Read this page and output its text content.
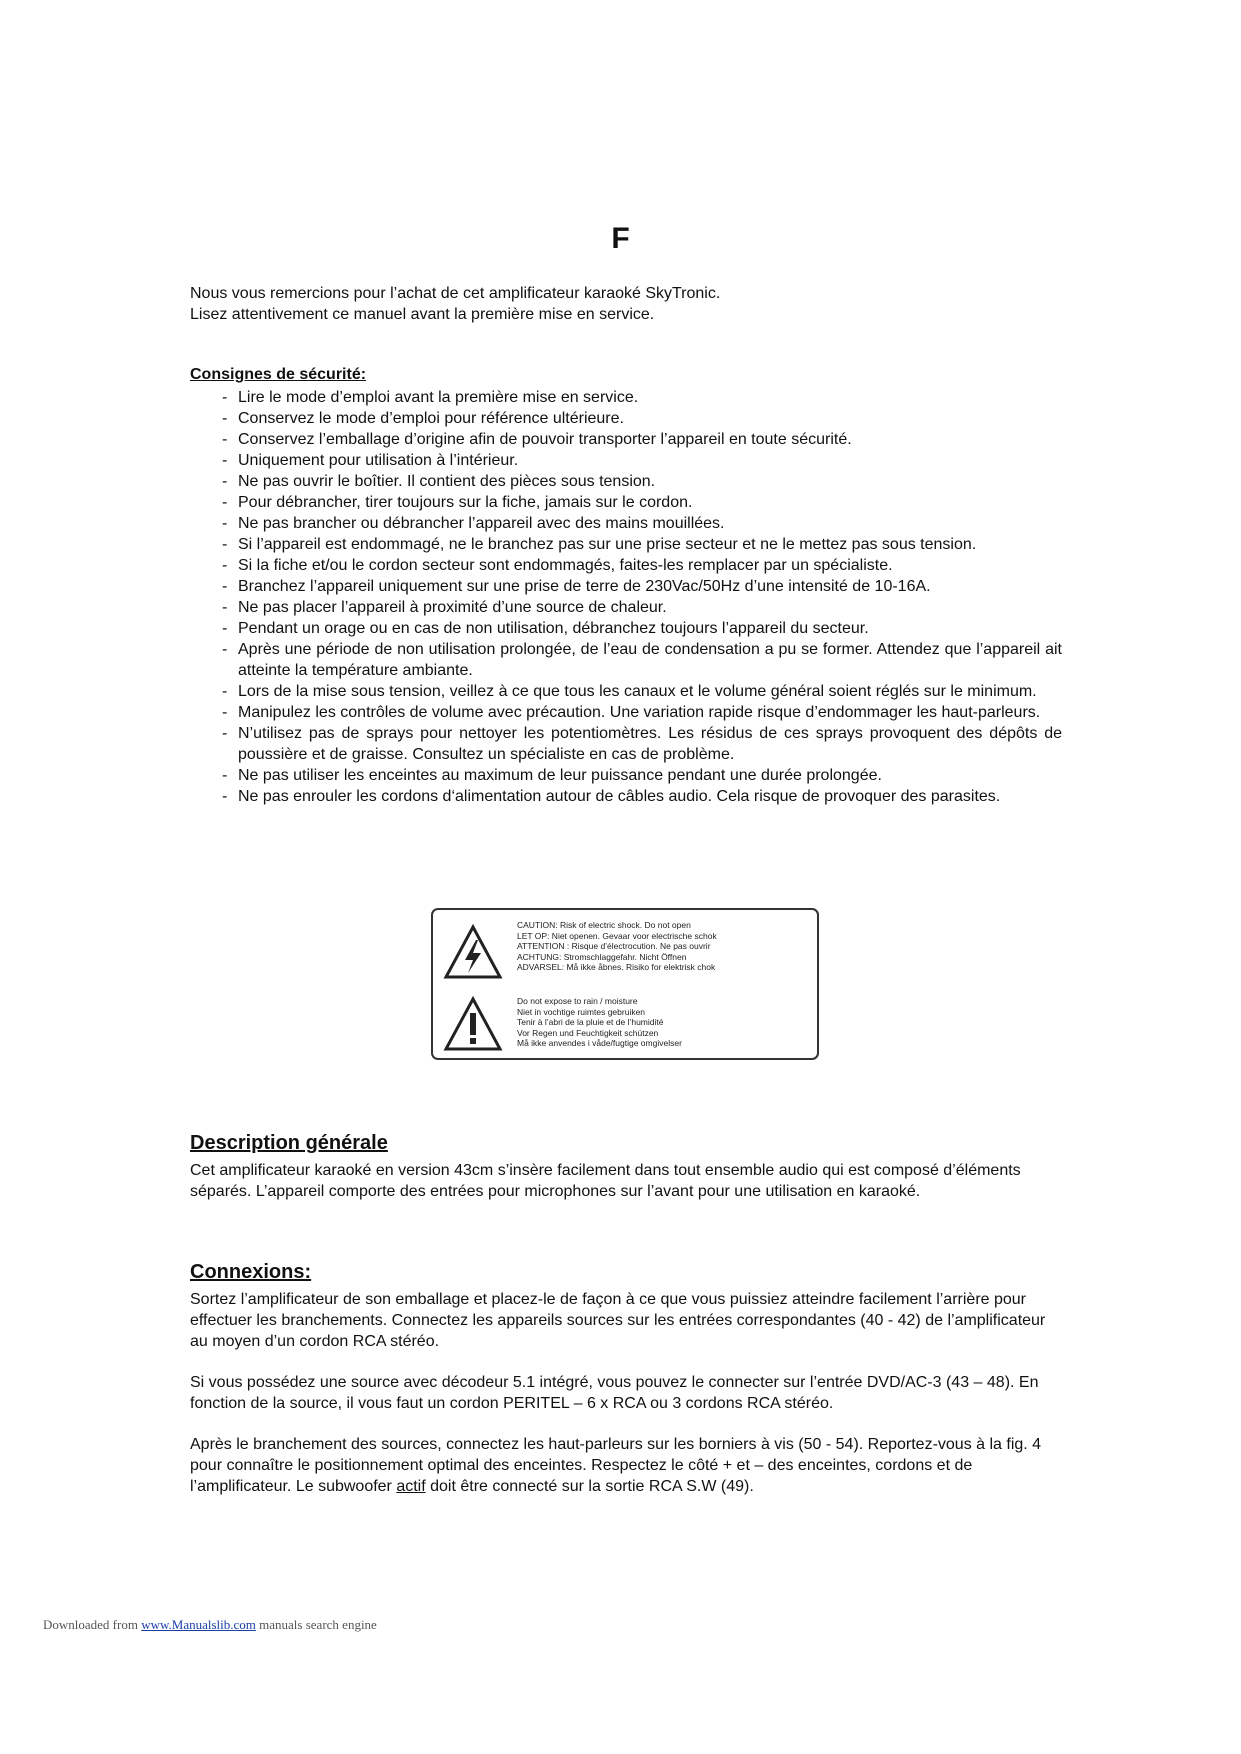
F

Nous vous remercions pour l’achat de cet amplificateur karaoké SkyTronic.

Lisez attentivement ce manuel avant la première mise en service.

Consignes de sécurité:
- Lire le mode d’emploi avant la première mise en service.
- Conservez le mode d’emploi pour référence ultérieure.
- Conservez l’emballage d’origine afin de pouvoir transporter l’appareil en toute sécurité.
- Uniquement pour utilisation à l’intérieur.
- Ne pas ouvrir le boîtier. Il contient des pièces sous tension.
- Pour débrancher, tirer toujours sur la fiche, jamais sur le cordon.
- Ne pas brancher ou débrancher l’appareil avec des mains mouillées.
- Si l’appareil est endommagé, ne le branchez pas sur une prise secteur et ne le mettez pas sous tension.
- Si la fiche et/ou le cordon secteur sont endommagés, faites-les remplacer par un spécialiste.
- Branchez l’appareil uniquement sur une prise de terre de 230Vac/50Hz d’une intensité de 10-16A.
- Ne pas placer l’appareil à proximité d’une source de chaleur.
- Pendant un orage ou en cas de non utilisation, débranchez toujours l’appareil du secteur.
- Après une période de non utilisation prolongée, de l’eau de condensation a pu se former. Attendez que l’appareil ait atteinte la température ambiante.
- Lors de la mise sous tension, veillez à ce que tous les canaux et le volume général soient réglés sur le minimum.
- Manipulez les contrôles de volume avec précaution. Une variation rapide risque d’endommager les haut-parleurs.
- N’utilisez pas de sprays pour nettoyer les potentiomètres. Les résidus de ces sprays provoquent des dépôts de poussière et de graisse. Consultez un spécialiste en cas de problème.
- Ne pas utiliser les enceintes au maximum de leur puissance pendant une durée prolongée.
- Ne pas enrouler les cordons d‘alimentation autour de câbles audio. Cela risque de provoquer des parasites.
CAUTION: Risk of electric shock. Do not open
LET OP: Niet openen. Gevaar voor electrische schok
ATTENTION : Risque d’électrocution. Ne pas ouvrir
ACHTUNG: Stromschlaggefahr. Nicht Öffnen
ADVARSEL: Må ikke åbnes. Risiko for elektrisk chok
Do not expose to rain / moisture
Niet in vochtige ruimtes gebruiken
Tenir à l’abri de la pluie et de l’humidité
Vor Regen und Feuchtigkeit schützen
Må ikke anvendes i våde/fugtige omgivelser
Description générale

Cet amplificateur karaoké en version 43cm s’insère facilement dans tout ensemble audio qui est composé d’éléments séparés. L’appareil comporte des entrées pour microphones sur l’avant pour une utilisation en karaoké.

Connexions:

Sortez l’amplificateur de son emballage et placez-le de façon à ce que vous puissiez atteindre facilement l’arrière pour effectuer les branchements. Connectez les appareils sources sur les entrées correspondantes (40 - 42) de l’amplificateur au moyen d’un cordon RCA stéréo.

Si vous possédez une source avec décodeur 5.1 intégré, vous pouvez le connecter sur l’entrée DVD/AC-3 (43 – 48). En fonction de la source, il vous faut un cordon PERITEL – 6 x RCA ou 3 cordons RCA stéréo.

Après le branchement des sources, connectez les haut-parleurs sur les borniers à vis (50 - 54). Reportez-vous à la fig. 4 pour connaître le positionnement optimal des enceintes. Respectez le côté + et – des enceintes, cordons et de l’amplificateur. Le subwoofer actif doit être connecté sur la sortie RCA S.W (49).

Downloaded from www.Manualslib.com manuals search engine
